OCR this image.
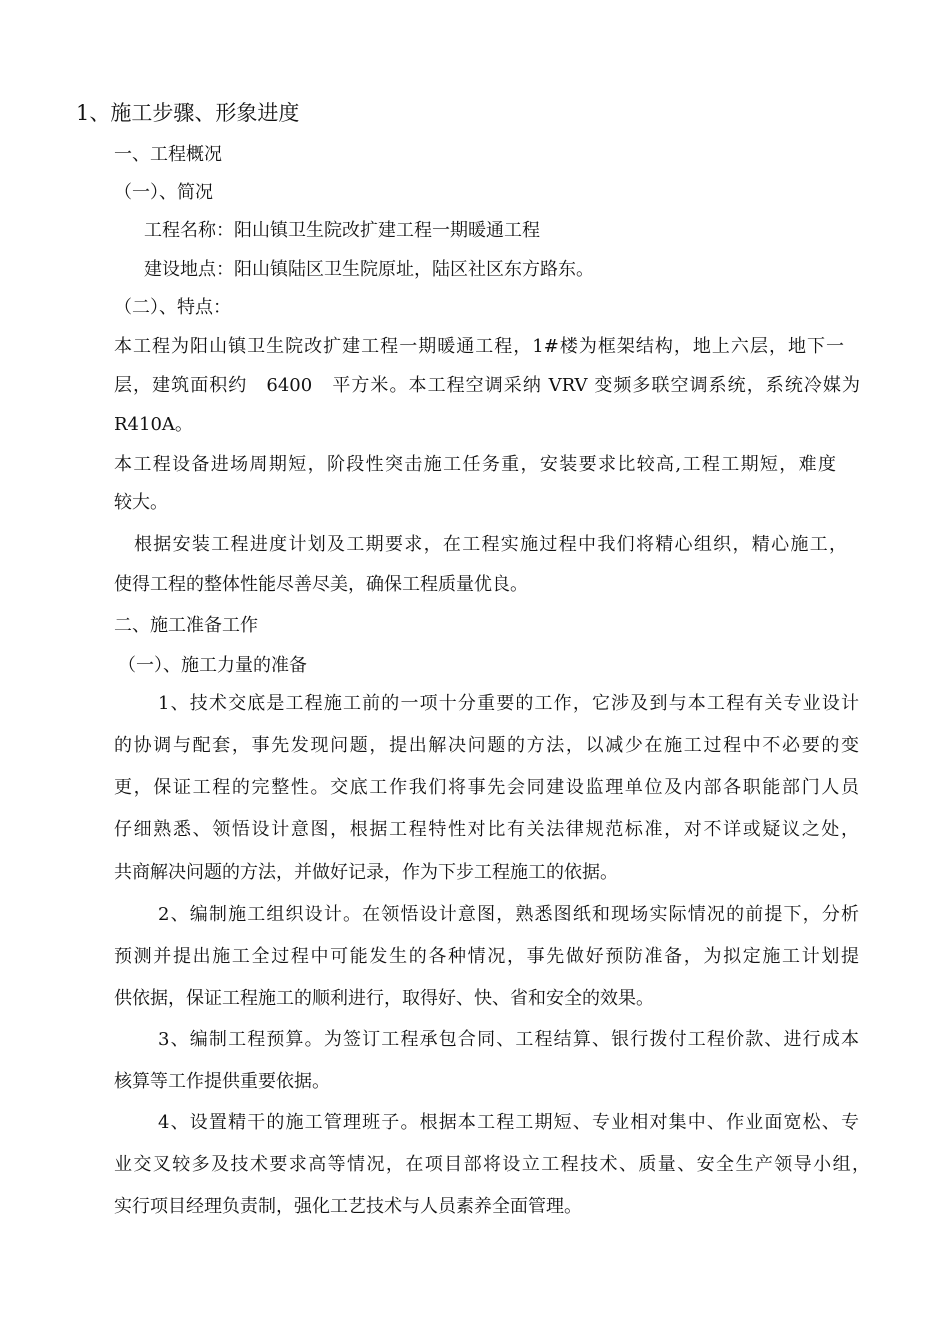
1、施工步骤、形象进度
一、工程概况
（一）、简况
工程名称：阳山镇卫生院改扩建工程一期暖通工程
建设地点：阳山镇陆区卫生院原址，陆区社区东方路东。
（二）、特点：
本工程为阳山镇卫生院改扩建工程一期暖通工程，1#楼为框架结构，地上六层，地下一
层，建筑面积约　6400　平方米。本工程空调采纳 VRV 变频多联空调系统，系统冷媒为
R410A。
本工程设备进场周期短，阶段性突击施工任务重，安装要求比较高,工程工期短，难度
较大。
根据安装工程进度计划及工期要求，在工程实施过程中我们将精心组织，精心施工，
使得工程的整体性能尽善尽美，确保工程质量优良。
二、施工准备工作
（一）、施工力量的准备
1、技术交底是工程施工前的一项十分重要的工作，它涉及到与本工程有关专业设计
的协调与配套，事先发现问题，提出解决问题的方法，以减少在施工过程中不必要的变
更，保证工程的完整性。交底工作我们将事先会同建设监理单位及内部各职能部门人员
仔细熟悉、领悟设计意图，根据工程特性对比有关法律规范标准，对不详或疑议之处，
共商解决问题的方法，并做好记录，作为下步工程施工的依据。
2、编制施工组织设计。在领悟设计意图，熟悉图纸和现场实际情况的前提下，分析
预测并提出施工全过程中可能发生的各种情况，事先做好预防准备，为拟定施工计划提
供依据，保证工程施工的顺利进行，取得好、快、省和安全的效果。
3、编制工程预算。为签订工程承包合同、工程结算、银行拨付工程价款、进行成本
核算等工作提供重要依据。
4、设置精干的施工管理班子。根据本工程工期短、专业相对集中、作业面宽松、专
业交叉较多及技术要求高等情况，在项目部将设立工程技术、质量、安全生产领导小组，
实行项目经理负责制，强化工艺技术与人员素养全面管理。
